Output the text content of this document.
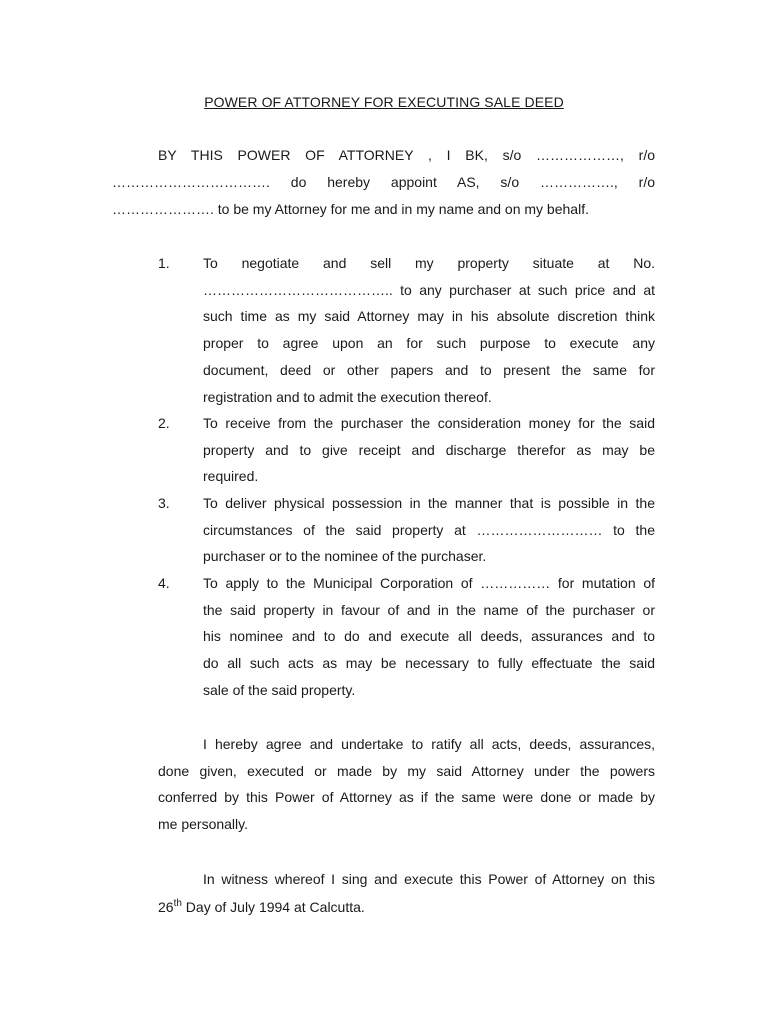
POWER OF ATTORNEY FOR EXECUTING SALE DEED
BY THIS POWER OF ATTORNEY , I BK, s/o ………………, r/o
……………………………. do hereby appoint AS, s/o ……………., r/o
…………………. to be my Attorney for me and in my name and on my behalf.
1. To negotiate and sell my property situate at No.
………………………………….. to any purchaser at such price and at
such time as my said Attorney may in his absolute discretion think
proper to agree upon an for such purpose to execute any
document, deed or other papers and to present the same for
registration and to admit the execution thereof.
2. To receive from the purchaser the consideration money for the said
property and to give receipt and discharge therefor as may be
required.
3. To deliver physical possession in the manner that is possible in the
circumstances of the said property at ……………………… to the
purchaser or to the nominee of the purchaser.
4. To apply to the Municipal Corporation of …………… for mutation of
the said property in favour of and in the name of the purchaser or
his nominee and to do and execute all deeds, assurances and to
do all such acts as may be necessary to fully effectuate the said
sale of the said property.
I hereby agree and undertake to ratify all acts, deeds, assurances,
done given, executed or made by my said Attorney under the powers
conferred by this Power of Attorney as if the same were done or made by
me personally.
In witness whereof I sing and execute this Power of Attorney on this
26th Day of July 1994 at Calcutta.
